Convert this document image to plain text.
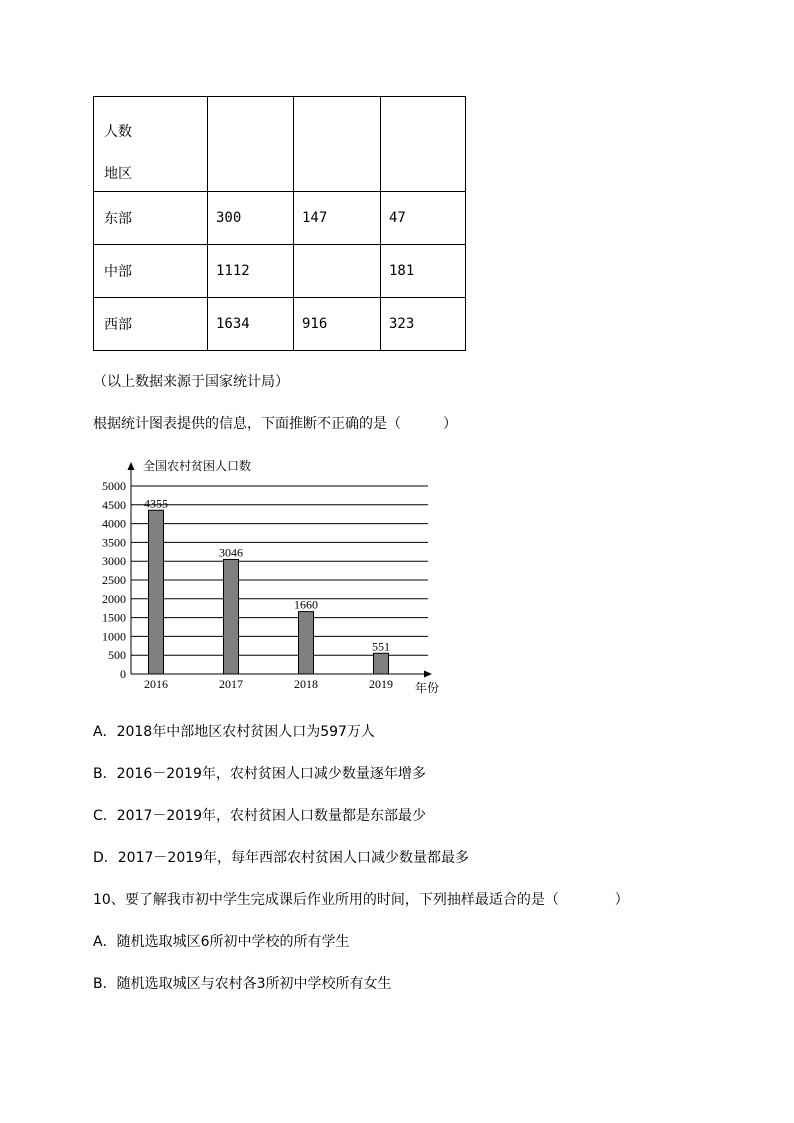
人数
地区			

东部	300	147	47
中部	1112		181
西部	1634	916	323
（以上数据来源于国家统计局）
根据统计图表提供的信息，下面推断不正确的是（　　　）
全国农村贫困人口数
0
500
1000
1500
2000
2500
3000
3500
4000
4500
5000
4355
2016
3046
2017
1660
2018
551
2019 年份
A．2018年中部地区农村贫困人口为597万人
B．2016－2019年，农村贫困人口减少数量逐年增多
C．2017－2019年，农村贫困人口数量都是东部最少
D．2017－2019年，每年西部农村贫困人口减少数量都最多
10、要了解我市初中学生完成课后作业所用的时间，下列抽样最适合的是（　　　　）
A．随机选取城区6所初中学校的所有学生
B．随机选取城区与农村各3所初中学校所有女生
